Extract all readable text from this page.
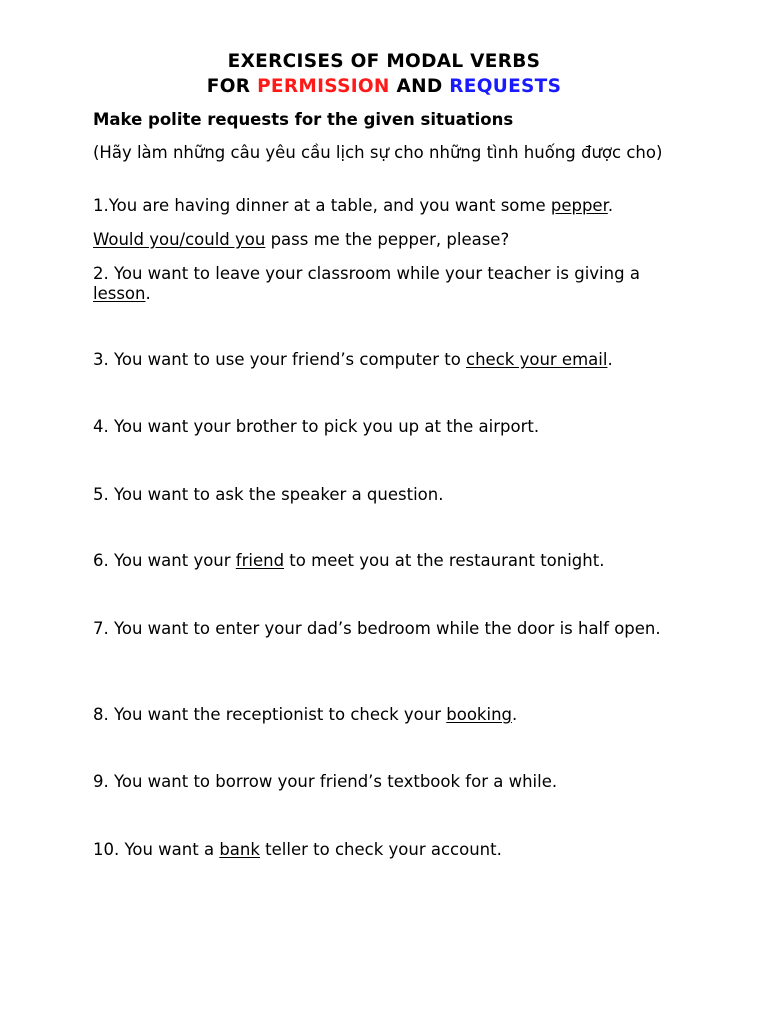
EXERCISES OF MODAL VERBS
FOR PERMISSION AND REQUESTS
Make polite requests for the given situations
(Hãy làm những câu yêu cầu lịch sự cho những tình huống được cho)
1.You are having dinner at a table, and you want some pepper.
Would you/could you pass me the pepper, please?
2. You want to leave your classroom while your teacher is giving a lesson.
3. You want to use your friend’s computer to check your email.
4. You want your brother to pick you up at the airport.
5. You want to ask the speaker a question.
6. You want your friend to meet you at the restaurant tonight.
7. You want to enter your dad’s bedroom while the door is half open.
8. You want the receptionist to check your booking.
9. You want to borrow your friend’s textbook for a while.
10. You want a bank teller to check your account.
